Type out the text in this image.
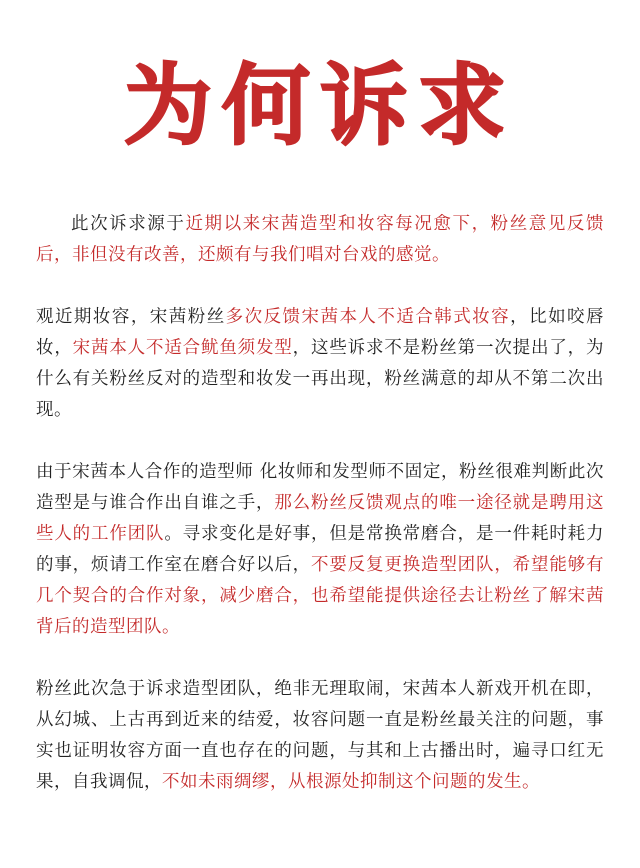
为何诉求

此次诉求源于近期以来宋茜造型和妆容每况愈下，粉丝意见反馈后，非但没有改善，还颇有与我们唱对台戏的感觉。

观近期妆容，宋茜粉丝多次反馈宋茜本人不适合韩式妆容，比如咬唇妆，宋茜本人不适合鱿鱼须发型，这些诉求不是粉丝第一次提出了，为什么有关粉丝反对的造型和妆发一再出现，粉丝满意的却从不第二次出现。

由于宋茜本人合作的造型师 化妆师和发型师不固定，粉丝很难判断此次造型是与谁合作出自谁之手，那么粉丝反馈观点的唯一途径就是聘用这些人的工作团队。寻求变化是好事，但是常换常磨合，是一件耗时耗力的事，烦请工作室在磨合好以后，不要反复更换造型团队，希望能够有几个契合的合作对象，减少磨合，也希望能提供途径去让粉丝了解宋茜背后的造型团队。

粉丝此次急于诉求造型团队，绝非无理取闹，宋茜本人新戏开机在即，从幻城、上古再到近来的结爱，妆容问题一直是粉丝最关注的问题，事实也证明妆容方面一直也存在的问题，与其和上古播出时，遍寻口红无果，自我调侃，不如未雨绸缪，从根源处抑制这个问题的发生。
